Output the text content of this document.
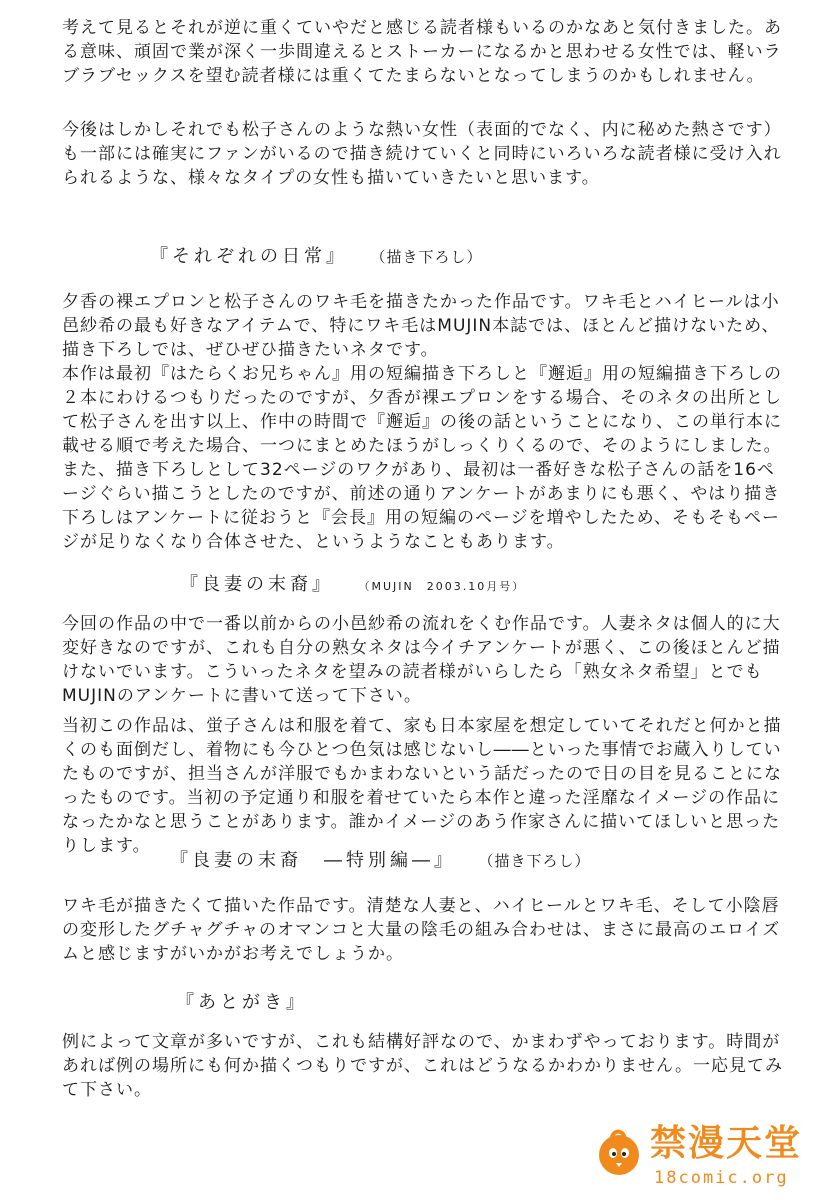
考えて見るとそれが逆に重くていやだと感じる読者様もいるのかなあと気付きました。ある意味、頑固で業が深く一歩間違えるとストーカーになるかと思わせる女性では、軽いラブラブセックスを望む読者様には重くてたまらないとなってしまうのかもしれません。

今後はしかしそれでも松子さんのような熱い女性（表面的でなく、内に秘めた熱さです）も一部には確実にファンがいるので描き続けていくと同時にいろいろな読者様に受け入れられるような、様々なタイプの女性も描いていきたいと思います。

『それぞれの日常』 （描き下ろし）

夕香の裸エプロンと松子さんのワキ毛を描きたかった作品です。ワキ毛とハイヒールは小邑紗希の最も好きなアイテムで、特にワキ毛はMUJIN本誌では、ほとんど描けないため、描き下ろしでは、ぜひぜひ描きたいネタです。

本作は最初『はたらくお兄ちゃん』用の短編描き下ろしと『邂逅』用の短編描き下ろしの２本にわけるつもりだったのですが、夕香が裸エプロンをする場合、そのネタの出所として松子さんを出す以上、作中の時間で『邂逅』の後の話ということになり、この単行本に載せる順で考えた場合、一つにまとめたほうがしっくりくるので、そのようにしました。また、描き下ろしとして32ページのワクがあり、最初は一番好きな松子さんの話を16ページぐらい描こうとしたのですが、前述の通りアンケートがあまりにも悪く、やはり描き下ろしはアンケートに従おうと『会長』用の短編のページを増やしたため、そもそもページが足りなくなり合体させた、というようなこともあります。

『良妻の末裔』	（MUJIN　2003.10月号）

今回の作品の中で一番以前からの小邑紗希の流れをくむ作品です。人妻ネタは個人的に大変好きなのですが、これも自分の熟女ネタは今イチアンケートが悪く、この後ほとんど描けないでいます。こういったネタを望みの読者様がいらしたら「熟女ネタ希望」とでもMUJINのアンケートに書いて送って下さい。

当初この作品は、蛍子さんは和服を着て、家も日本家屋を想定していてそれだと何かと描くのも面倒だし、着物にも今ひとつ色気は感じないし――といった事情でお蔵入りしていたものですが、担当さんが洋服でもかまわないという話だったので日の目を見ることになったものです。当初の予定通り和服を着せていたら本作と違った淫靡なイメージの作品になったかなと思うことがあります。誰かイメージのあう作家さんに描いてほしいと思ったりします。

『良妻の末裔　―特別編―』 （描き下ろし）

ワキ毛が描きたくて描いた作品です。清楚な人妻と、ハイヒールとワキ毛、そして小陰唇の変形したグチャグチャのオマンコと大量の陰毛の組み合わせは、まさに最高のエロイズムと感じますがいかがお考えでしょうか。

『あとがき』

例によって文章が多いですが、これも結構好評なので、かまわずやっております。時間があれば例の場所にも何か描くつもりですが、これはどうなるかわかりません。一応見てみて下さい。

禁漫天堂
18comic.org
